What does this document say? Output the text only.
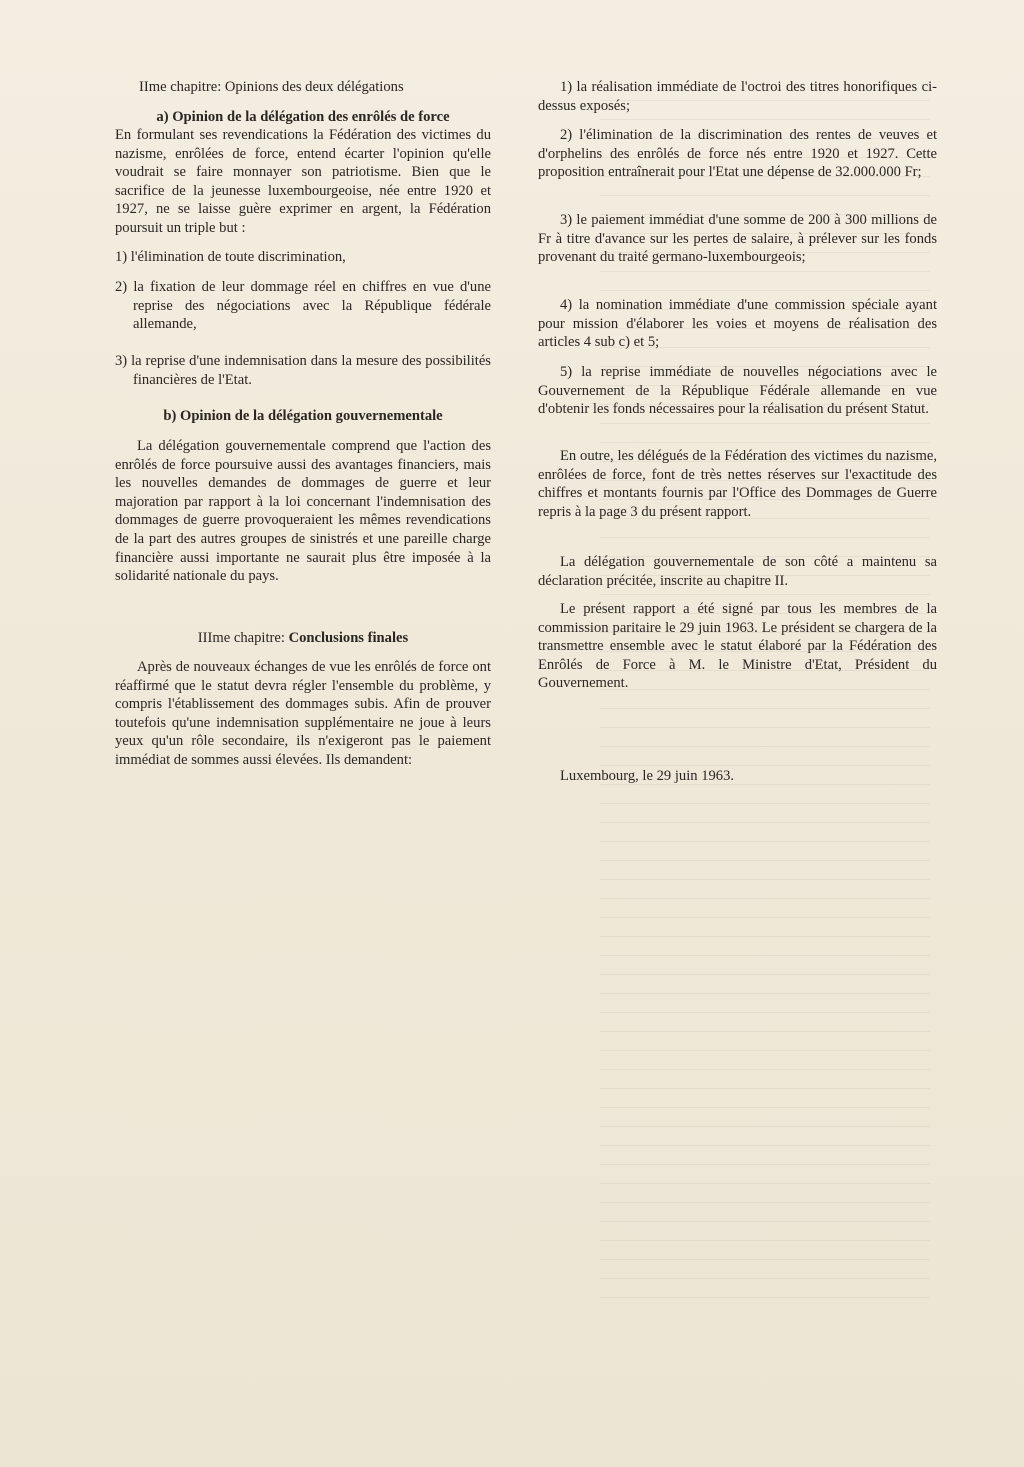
IIme chapitre: Opinions des deux délégations
a) Opinion de la délégation des enrôlés de force

En formulant ses revendications la Fédération des victimes du nazisme, enrôlées de force, entend écarter l'opinion qu'elle voudrait se faire monnayer son patriotisme. Bien que le sacrifice de la jeunesse luxembourgeoise, née entre 1920 et 1927, ne se laisse guère exprimer en argent, la Fédération poursuit un triple but :

1) l'élimination de toute discrimination,
2) la fixation de leur dommage réel en chiffres en vue d'une reprise des négociations avec la République fédérale allemande,
3) la reprise d'une indemnisation dans la mesure des possibilités financières de l'Etat.
b) Opinion de la délégation gouvernementale

La délégation gouvernementale comprend que l'action des enrôlés de force poursuive aussi des avantages financiers, mais les nouvelles demandes de dommages de guerre et leur majoration par rapport à la loi concernant l'indemnisation des dommages de guerre provoqueraient les mêmes revendications de la part des autres groupes de sinistrés et une pareille charge financière aussi importante ne saurait plus être imposée à la solidarité nationale du pays.

IIIme chapitre: Conclusions finales

Après de nouveaux échanges de vue les enrôlés de force ont réaffirmé que le statut devra régler l'ensemble du problème, y compris l'établissement des dommages subis. Afin de prouver toutefois qu'une indemnisation supplémentaire ne joue à leurs yeux qu'un rôle secondaire, ils n'exigeront pas le paiement immédiat de sommes aussi élevées. Ils demandent:

1) la réalisation immédiate de l'octroi des titres honorifiques ci-dessus exposés;

2) l'élimination de la discrimination des rentes de veuves et d'orphelins des enrôlés de force nés entre 1920 et 1927. Cette proposition entraînerait pour l'Etat une dépense de 32.000.000 Fr;

3) le paiement immédiat d'une somme de 200 à 300 millions de Fr à titre d'avance sur les pertes de salaire, à prélever sur les fonds provenant du traité germano-luxembourgeois;

4) la nomination immédiate d'une commission spéciale ayant pour mission d'élaborer les voies et moyens de réalisation des articles 4 sub c) et 5;

5) la reprise immédiate de nouvelles négociations avec le Gouvernement de la République Fédérale allemande en vue d'obtenir les fonds nécessaires pour la réalisation du présent Statut.

En outre, les délégués de la Fédération des victimes du nazisme, enrôlées de force, font de très nettes réserves sur l'exactitude des chiffres et montants fournis par l'Office des Dommages de Guerre repris à la page 3 du présent rapport.

La délégation gouvernementale de son côté a maintenu sa déclaration précitée, inscrite au chapitre II.

Le présent rapport a été signé par tous les membres de la commission paritaire le 29 juin 1963. Le président se chargera de la transmettre ensemble avec le statut élaboré par la Fédération des Enrôlés de Force à M. le Ministre d'Etat, Président du Gouvernement.

Luxembourg, le 29 juin 1963.
